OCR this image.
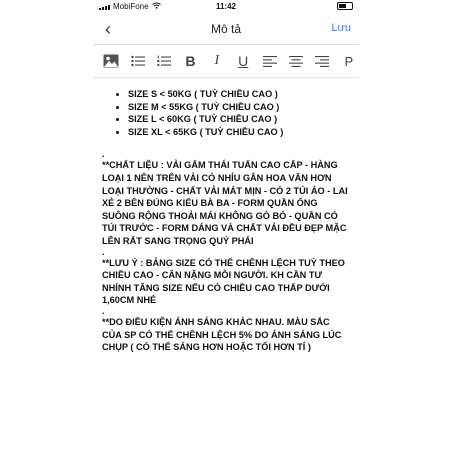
MobiFone	11:42
‹	Mô tả	Lưu
B	I	U	P
• SIZE S < 50KG ( TUỲ CHIỀU CAO )
• SIZE M < 55KG ( TUỲ CHIỀU CAO )
• SIZE L < 60KG ( TUỲ CHIỀU CAO )
• SIZE XL < 65KG ( TUỲ CHIỀU CAO )

.

**CHẤT LIỆU : VẢI GẤM THÁI TUẤN CAO CẤP - HÀNG LOẠI 1 NÊN TRÊN VẢI CÓ NHỈU GÂN HOA VĂN HƠN LOẠI THƯỜNG - CHẤT VẢI MÁT MỊN - CÓ 2 TÚI ÁO - LAI XẺ 2 BÊN ĐÚNG KIỂU BÀ BA - FORM QUẦN ỐNG SUÔNG RỘNG THOẢI MÁI KHÔNG GÒ BÓ - QUẦN CÓ TÚI TRƯỚC - FORM DÁNG VÀ CHẤT VẢI ĐỀU ĐẸP MẶC LÊN RẤT SANG TRỌNG QUÝ PHÁI

.

**LƯU Ý : BẢNG SIZE CÓ THỂ CHÊNH LỆCH TUỲ THEO CHIỀU CAO - CÂN NẶNG MỖI NGƯỜI. KH CẦN TƯ NHÍNH TĂNG SIZE NẾU CÓ CHIỀU CAO THẤP DƯỚI 1,60CM NHÉ

.

**DO ĐIỀU KIỆN ÁNH SÁNG KHÁC NHAU. MÀU SẮC CỦA SP CÓ THỂ CHÊNH LỆCH 5% DO ÁNH SÁNG LÚC CHỤP ( CÓ THỂ SÁNG HƠN HOẶC TỐI HƠN TÍ )
